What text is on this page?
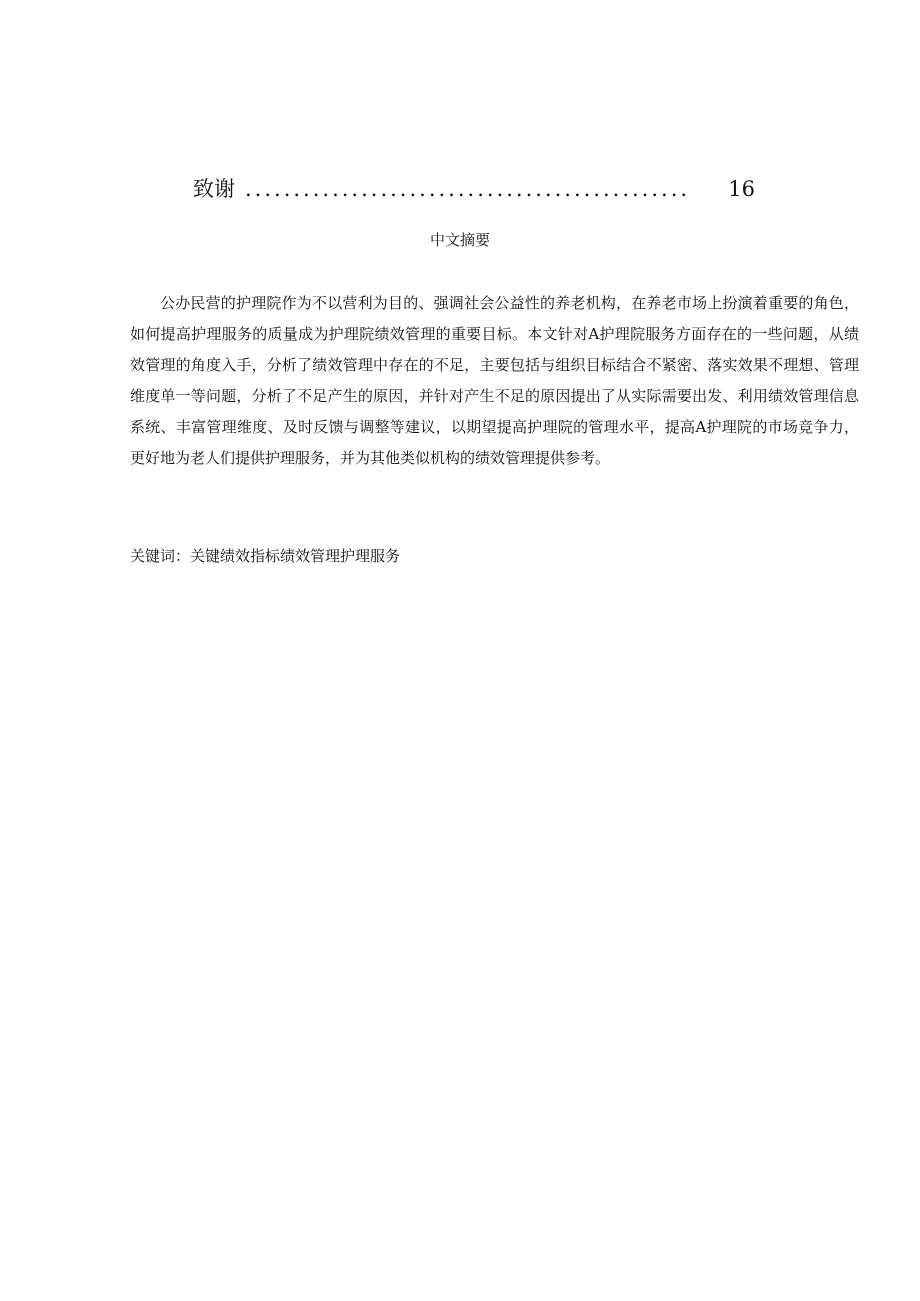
致谢 ..............................................	16
中文摘要

公办民营的护理院作为不以营利为目的、强调社会公益性的养老机构，在养老市场上扮演着重要的角色，如何提高护理服务的质量成为护理院绩效管理的重要目标。本文针对A护理院服务方面存在的一些问题，从绩效管理的角度入手，分析了绩效管理中存在的不足，主要包括与组织目标结合不紧密、落实效果不理想、管理维度单一等问题，分析了不足产生的原因，并针对产生不足的原因提出了从实际需要出发、利用绩效管理信息系统、丰富管理维度、及时反馈与调整等建议，以期望提高护理院的管理水平，提高A护理院的市场竞争力，更好地为老人们提供护理服务，并为其他类似机构的绩效管理提供参考。

关键词：关键绩效指标绩效管理护理服务
